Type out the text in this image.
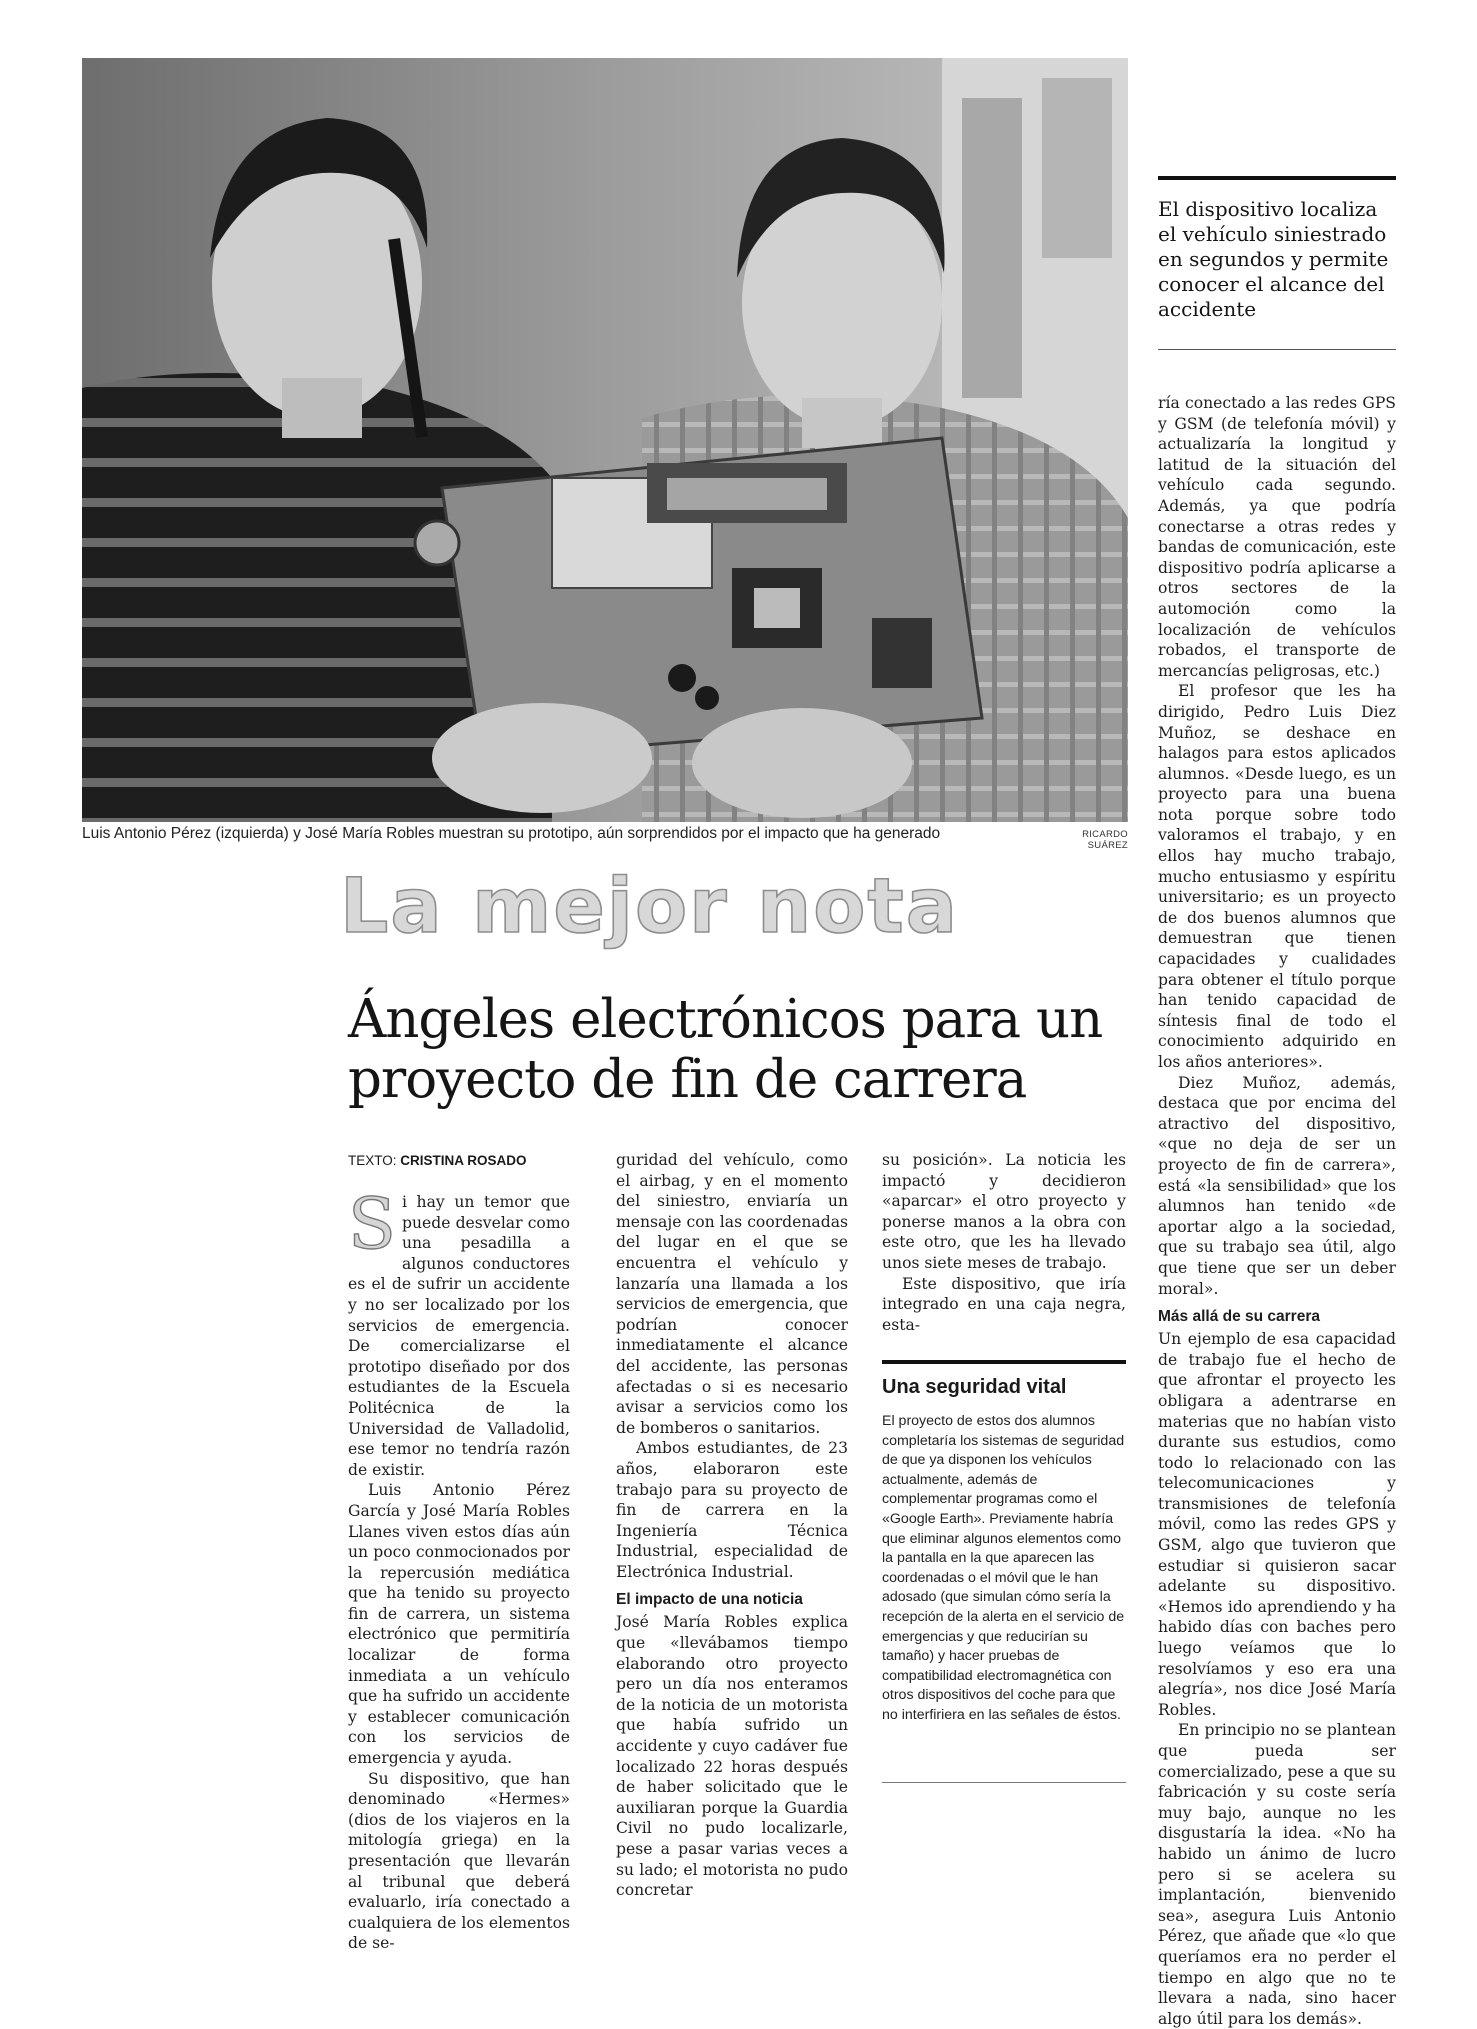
Luis Antonio Pérez (izquierda) y José María Robles muestran su prototipo, aún sorprendidos por el impacto que ha generado	RICARDO SUÁREZ
El dispositivo localiza el vehículo siniestrado en segundos y permite conocer el alcance del accidente
La mejor nota
Ángeles electrónicos para un proyecto de fin de carrera
TEXTO: CRISTINA ROSADO

Si hay un temor que puede desvelar como una pesadilla a algunos conductores es el de sufrir un accidente y no ser localizado por los servicios de emergencia. De comercializarse el prototipo diseñado por dos estudiantes de la Escuela Politécnica de la Universidad de Valladolid, ese temor no tendría razón de existir.

Luis Antonio Pérez García y José María Robles Llanes viven estos días aún un poco conmocionados por la repercusión mediática que ha tenido su proyecto fin de carrera, un sistema electrónico que permitiría localizar de forma inmediata a un vehículo que ha sufrido un accidente y establecer comunicación con los servicios de emergencia y ayuda.

Su dispositivo, que han denominado «Hermes» (dios de los viajeros en la mitología griega) en la presentación que llevarán al tribunal que deberá evaluarlo, iría conectado a cualquiera de los elementos de se-

guridad del vehículo, como el airbag, y en el momento del siniestro, enviaría un mensaje con las coordenadas del lugar en el que se encuentra el vehículo y lanzaría una llamada a los servicios de emergencia, que podrían conocer inmediatamente el alcance del accidente, las personas afectadas o si es necesario avisar a servicios como los de bomberos o sanitarios.

Ambos estudiantes, de 23 años, elaboraron este trabajo para su proyecto de fin de carrera en la Ingeniería Técnica Industrial, especialidad de Electrónica Industrial.

El impacto de una noticia

José María Robles explica que «llevábamos tiempo elaborando otro proyecto pero un día nos enteramos de la noticia de un motorista que había sufrido un accidente y cuyo cadáver fue localizado 22 horas después de haber solicitado que le auxiliaran porque la Guardia Civil no pudo localizarle, pese a pasar varias veces a su lado; el motorista no pudo concretar

su posición». La noticia les impactó y decidieron «aparcar» el otro proyecto y ponerse manos a la obra con este otro, que les ha llevado unos siete meses de trabajo.

Este dispositivo, que iría integrado en una caja negra, esta-

Una seguridad vital
El proyecto de estos dos alumnos completaría los sistemas de seguridad de que ya disponen los vehículos actualmente, además de complementar programas como el «Google Earth». Previamente habría que eliminar algunos elementos como la pantalla en la que aparecen las coordenadas o el móvil que le han adosado (que simulan cómo sería la recepción de la alerta en el servicio de emergencias y que reducirían su tamaño) y hacer pruebas de compatibilidad electromagnética con otros dispositivos del coche para que no interfiriera en las señales de éstos.

ría conectado a las redes GPS y GSM (de telefonía móvil) y actualizaría la longitud y latitud de la situación del vehículo cada segundo. Además, ya que podría conectarse a otras redes y bandas de comunicación, este dispositivo podría aplicarse a otros sectores de la automoción como la localización de vehículos robados, el transporte de mercancías peligrosas, etc.)

El profesor que les ha dirigido, Pedro Luis Diez Muñoz, se deshace en halagos para estos aplicados alumnos. «Desde luego, es un proyecto para una buena nota porque sobre todo valoramos el trabajo, y en ellos hay mucho trabajo, mucho entusiasmo y espíritu universitario; es un proyecto de dos buenos alumnos que demuestran que tienen capacidades y cualidades para obtener el título porque han tenido capacidad de síntesis final de todo el conocimiento adquirido en los años anteriores».

Diez Muñoz, además, destaca que por encima del atractivo del dispositivo, «que no deja de ser un proyecto de fin de carrera», está «la sensibilidad» que los alumnos han tenido «de aportar algo a la sociedad, que su trabajo sea útil, algo que tiene que ser un deber moral».

Más allá de su carrera

Un ejemplo de esa capacidad de trabajo fue el hecho de que afrontar el proyecto les obligara a adentrarse en materias que no habían visto durante sus estudios, como todo lo relacionado con las telecomunicaciones y transmisiones de telefonía móvil, como las redes GPS y GSM, algo que tuvieron que estudiar si quisieron sacar adelante su dispositivo. «Hemos ido aprendiendo y ha habido días con baches pero luego veíamos que lo resolvíamos y eso era una alegría», nos dice José María Robles.

En principio no se plantean que pueda ser comercializado, pese a que su fabricación y su coste sería muy bajo, aunque no les disgustaría la idea. «No ha habido un ánimo de lucro pero si se acelera su implantación, bienvenido sea», asegura Luis Antonio Pérez, que añade que «lo que queríamos era no perder el tiempo en algo que no te llevara a nada, sino hacer algo útil para los demás».
